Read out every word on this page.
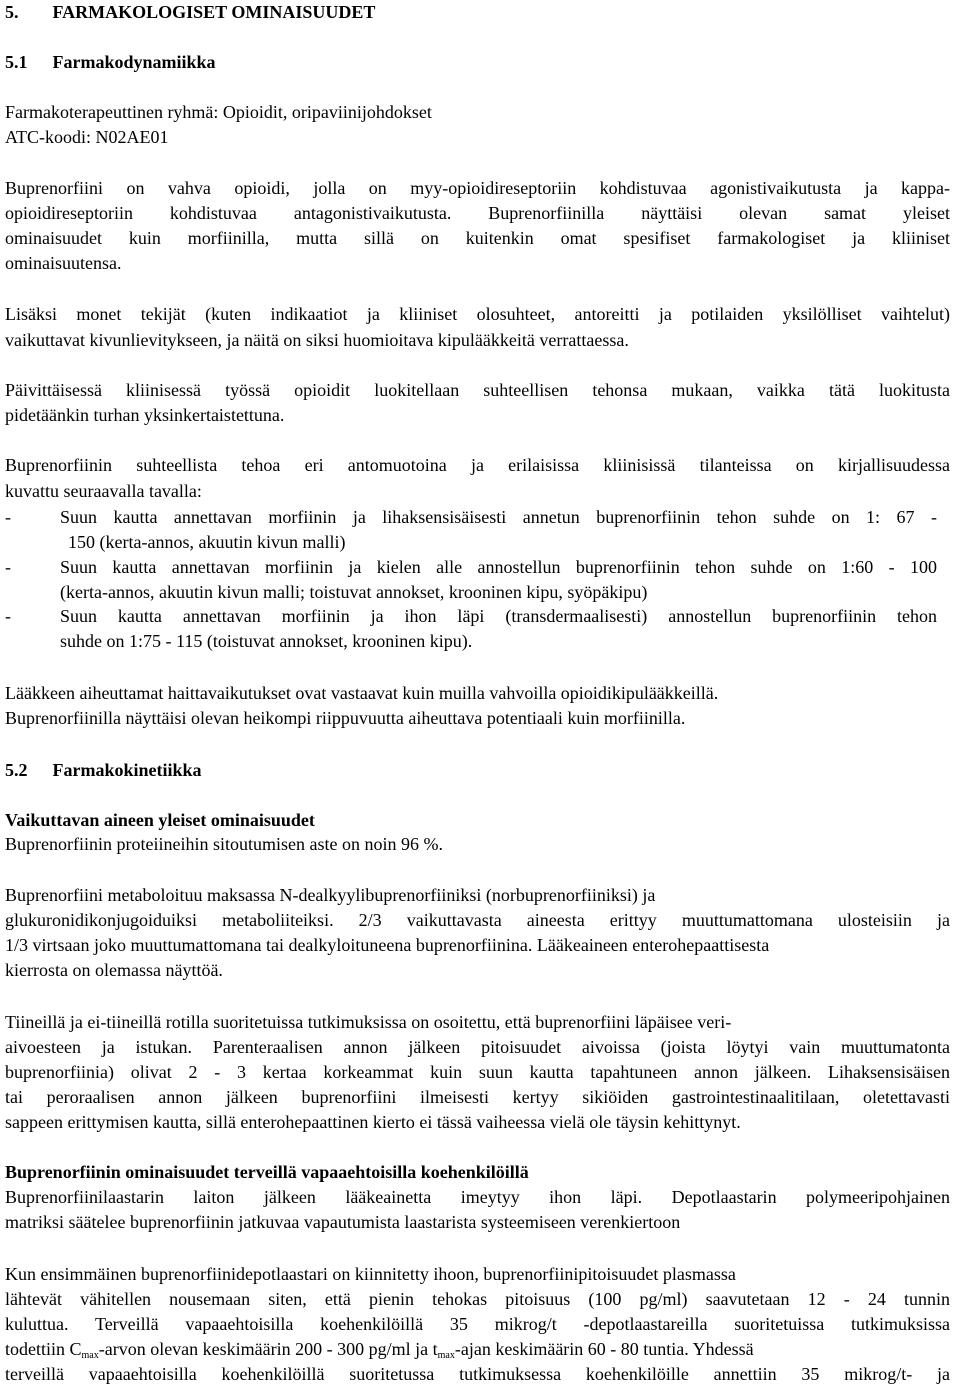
5. FARMAKOLOGISET OMINAISUUDET
5.1 Farmakodynamiikka
Farmakoterapeuttinen ryhmä: Opioidit, oripaviinijohdokset
ATC-koodi: N02AE01
Buprenorfiini on vahva opioidi, jolla on myy-opioidireseptoriin kohdistuvaa agonistivaikutusta ja kappa-
opioidireseptoriin kohdistuvaa antagonistivaikutusta. Buprenorfiinilla näyttäisi olevan samat yleiset
ominaisuudet kuin morfiinilla, mutta sillä on kuitenkin omat spesifiset farmakologiset ja kliiniset
ominaisuutensa.
Lisäksi monet tekijät (kuten indikaatiot ja kliiniset olosuhteet, antoreitti ja potilaiden yksilölliset vaihtelut)
vaikuttavat kivunlievitykseen, ja näitä on siksi huomioitava kipulääkkeitä verrattaessa.
Päivittäisessä kliinisessä työssä opioidit luokitellaan suhteellisen tehonsa mukaan, vaikka tätä luokitusta
pidetäänkin turhan yksinkertaistettuna.
Buprenorfiinin suhteellista tehoa eri antomuotoina ja erilaisissa kliinisissä tilanteissa on kirjallisuudessa
kuvattu seuraavalla tavalla:
-	Suun kautta annettavan morfiinin ja lihaksensisäisesti annetun buprenorfiinin tehon suhde on 1: 67 -
150 (kerta-annos, akuutin kivun malli)
-	Suun kautta annettavan morfiinin ja kielen alle annostellun buprenorfiinin tehon suhde on 1:60 - 100
(kerta-annos, akuutin kivun malli; toistuvat annokset, krooninen kipu, syöpäkipu)
-	Suun kautta annettavan morfiinin ja ihon läpi (transdermaalisesti) annostellun buprenorfiinin tehon
suhde on 1:75 - 115 (toistuvat annokset, krooninen kipu).
Lääkkeen aiheuttamat haittavaikutukset ovat vastaavat kuin muilla vahvoilla opioidikipulääkkeillä.
Buprenorfiinilla näyttäisi olevan heikompi riippuvuutta aiheuttava potentiaali kuin morfiinilla.
5.2 Farmakokinetiikka
Vaikuttavan aineen yleiset ominaisuudet
Buprenorfiinin proteiineihin sitoutumisen aste on noin 96 %.
Buprenorfiini metaboloituu maksassa N-dealkyylibuprenorfiiniksi (norbuprenorfiiniksi) ja
glukuronidikonjugoiduiksi metaboliiteiksi. 2/3 vaikuttavasta aineesta erittyy muuttumattomana ulosteisiin ja
1/3 virtsaan joko muuttumattomana tai dealkyloituneena buprenorfiinina. Lääkeaineen enterohepaattisesta
kierrosta on olemassa näyttöä.
Tiineillä ja ei-tiineillä rotilla suoritetuissa tutkimuksissa on osoitettu, että buprenorfiini läpäisee veri-
aivoesteen ja istukan. Parenteraalisen annon jälkeen pitoisuudet aivoissa (joista löytyi vain muuttumatonta
buprenorfiinia) olivat 2 - 3 kertaa korkeammat kuin suun kautta tapahtuneen annon jälkeen. Lihaksensisäisen
tai peroraalisen annon jälkeen buprenorfiini ilmeisesti kertyy sikiöiden gastrointestinaalitilaan, oletettavasti
sappeen erittymisen kautta, sillä enterohepaattinen kierto ei tässä vaiheessa vielä ole täysin kehittynyt.
Buprenorfiinin ominaisuudet terveillä vapaaehtoisilla koehenkilöillä
Buprenorfiinilaastarin laiton jälkeen lääkeainetta imeytyy ihon läpi. Depotlaastarin polymeeripohjainen
matriksi säätelee buprenorfiinin jatkuvaa vapautumista laastarista systeemiseen verenkiertoon
Kun ensimmäinen buprenorfiinidepotlaastari on kiinnitetty ihoon, buprenorfiinipitoisuudet plasmassa
lähtevät vähitellen nousemaan siten, että pienin tehokas pitoisuus (100 pg/ml) saavutetaan 12 - 24 tunnin
kuluttua. Terveillä vapaaehtoisilla koehenkilöillä 35 mikrog/t -depotlaastareilla suoritetuissa tutkimuksissa
todettiin $C_{max}$-arvon olevan keskimäärin 200 - 300 pg/ml ja $t_{max}$-ajan keskimäärin 60 - 80 tuntia. Yhdessä
terveillä vapaaehtoisilla koehenkilöillä suoritetussa tutkimuksessa koehenkilöille annettiin 35 mikrog/t- ja
